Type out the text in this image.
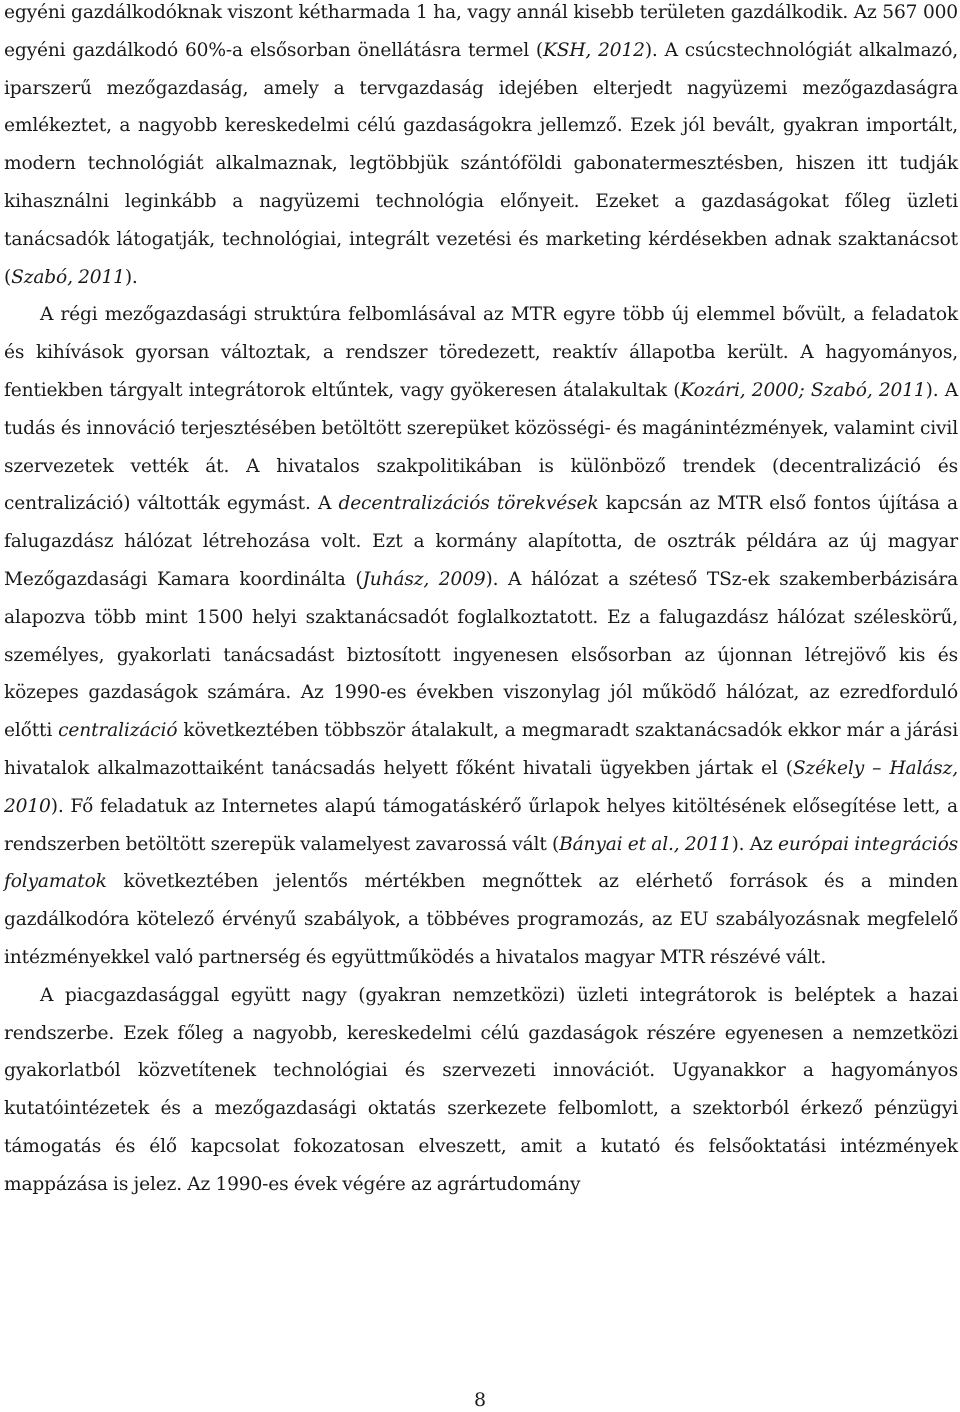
egyéni gazdálkodóknak viszont kétharmada 1 ha, vagy annál kisebb területen gazdálkodik. Az 567 000 egyéni gazdálkodó 60%-a elsősorban önellátásra termel (KSH, 2012). A csúcstechnológiát alkalmazó, iparszerű mezőgazdaság, amely a tervgazdaság idejében elterjedt nagyüzemi mezőgazdaságra emlékeztet, a nagyobb kereskedelmi célú gazdaságokra jellemző. Ezek jól bevált, gyakran importált, modern technológiát alkalmaznak, legtöbbjük szántóföldi gabonatermesztésben, hiszen itt tudják kihasználni leginkább a nagyüzemi technológia előnyeit. Ezeket a gazdaságokat főleg üzleti tanácsadók látogatják, technológiai, integrált vezetési és marketing kérdésekben adnak szaktanácsot (Szabó, 2011).

A régi mezőgazdasági struktúra felbomlásával az MTR egyre több új elemmel bővült, a feladatok és kihívások gyorsan változtak, a rendszer töredezett, reaktív állapotba került. A hagyományos, fentiekben tárgyalt integrátorok eltűntek, vagy gyökeresen átalakultak (Kozári, 2000; Szabó, 2011). A tudás és innováció terjesztésében betöltött szerepüket közösségi- és magánintézmények, valamint civil szervezetek vették át. A hivatalos szakpolitikában is különböző trendek (decentralizáció és centralizáció) váltották egymást. A decentralizációs törekvések kapcsán az MTR első fontos újítása a falugazdász hálózat létrehozása volt. Ezt a kormány alapította, de osztrák példára az új magyar Mezőgazdasági Kamara koordinálta (Juhász, 2009). A hálózat a széteső TSz-ek szakemberbázisára alapozva több mint 1500 helyi szaktanácsadót foglalkoztatott. Ez a falugazdász hálózat széleskörű, személyes, gyakorlati tanácsadást biztosított ingyenesen elsősorban az újonnan létrejövő kis és közepes gazdaságok számára. Az 1990-es években viszonylag jól működő hálózat, az ezredforduló előtti centralizáció következtében többször átalakult, a megmaradt szaktanácsadók ekkor már a járási hivatalok alkalmazottaiként tanácsadás helyett főként hivatali ügyekben jártak el (Székely – Halász, 2010). Fő feladatuk az Internetes alapú támogatáskérő űrlapok helyes kitöltésének elősegítése lett, a rendszerben betöltött szerepük valamelyest zavarossá vált (Bányai et al., 2011). Az európai integrációs folyamatok következtében jelentős mértékben megnőttek az elérhető források és a minden gazdálkodóra kötelező érvényű szabályok, a többéves programozás, az EU szabályozásnak megfelelő intézményekkel való partnerség és együttműködés a hivatalos magyar MTR részévé vált.

A piacgazdasággal együtt nagy (gyakran nemzetközi) üzleti integrátorok is beléptek a hazai rendszerbe. Ezek főleg a nagyobb, kereskedelmi célú gazdaságok részére egyenesen a nemzetközi gyakorlatból közvetítenek technológiai és szervezeti innovációt. Ugyanakkor a hagyományos kutatóintézetek és a mezőgazdasági oktatás szerkezete felbomlott, a szektorból érkező pénzügyi támogatás és élő kapcsolat fokozatosan elveszett, amit a kutató és felsőoktatási intézmények mappázása is jelez. Az 1990-es évek végére az agrártudomány

8
